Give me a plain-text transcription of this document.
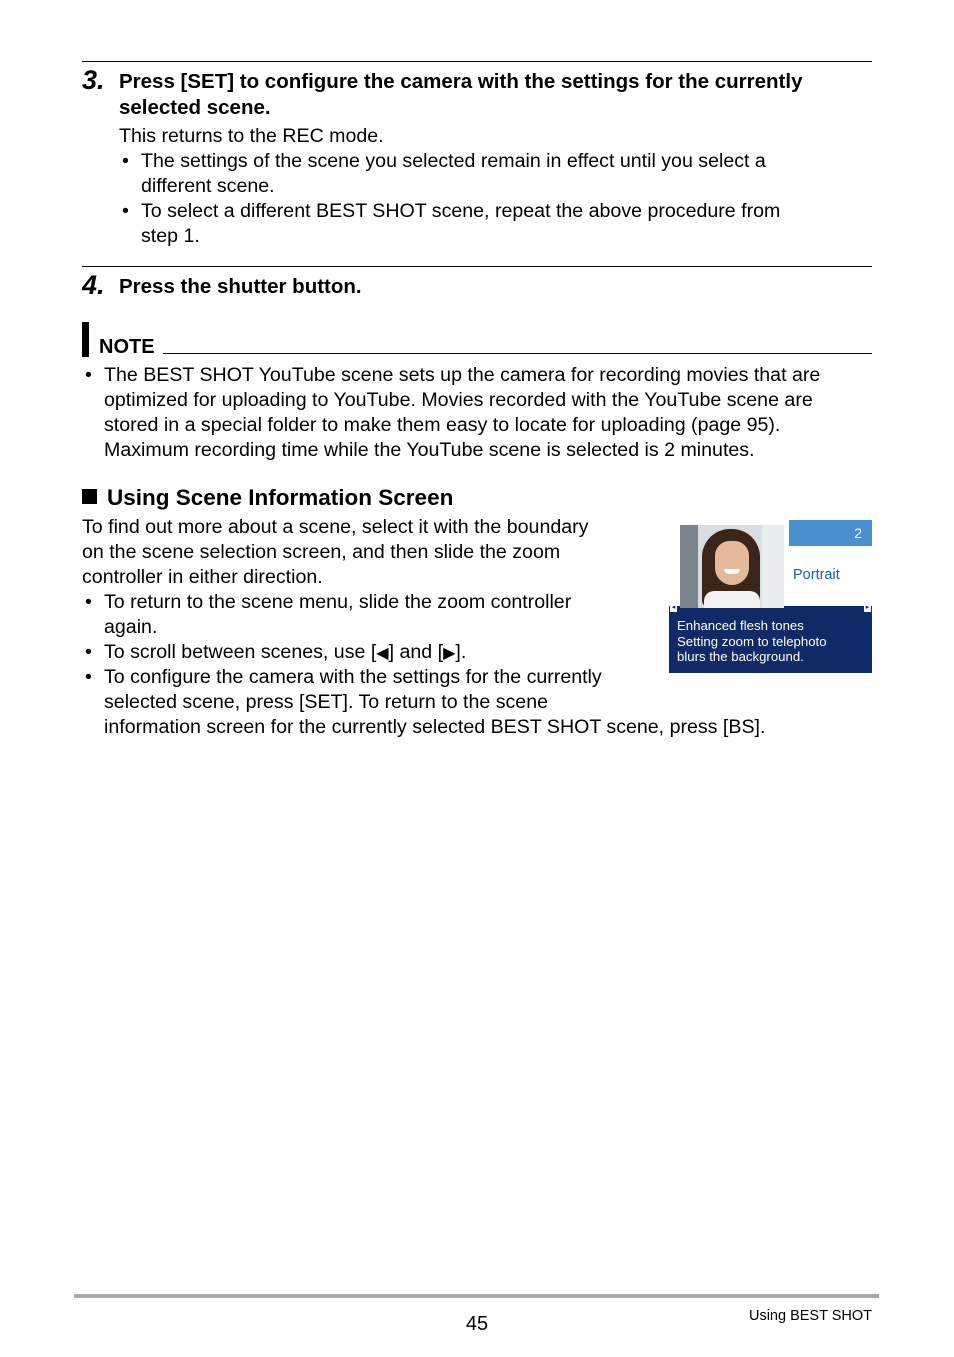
3. Press [SET] to configure the camera with the settings for the currently
selected scene.
This returns to the REC mode.
• The settings of the scene you selected remain in effect until you select a
different scene.
• To select a different BEST SHOT scene, repeat the above procedure from
step 1.
4. Press the shutter button.
NOTE
• The BEST SHOT YouTube scene sets up the camera for recording movies that are
optimized for uploading to YouTube. Movies recorded with the YouTube scene are
stored in a special folder to make them easy to locate for uploading (page 95).
Maximum recording time while the YouTube scene is selected is 2 minutes.
Using Scene Information Screen
To find out more about a scene, select it with the boundary
on the scene selection screen, and then slide the zoom
controller in either direction.
• To return to the scene menu, slide the zoom controller
again.
• To scroll between scenes, use [◀] and [▶].
• To configure the camera with the settings for the currently
selected scene, press [SET]. To return to the scene
information screen for the currently selected BEST SHOT scene, press [BS].
2
Portrait
◂	▸
Enhanced flesh tones
Setting zoom to telephoto
blurs the background.
45	Using BEST SHOT
